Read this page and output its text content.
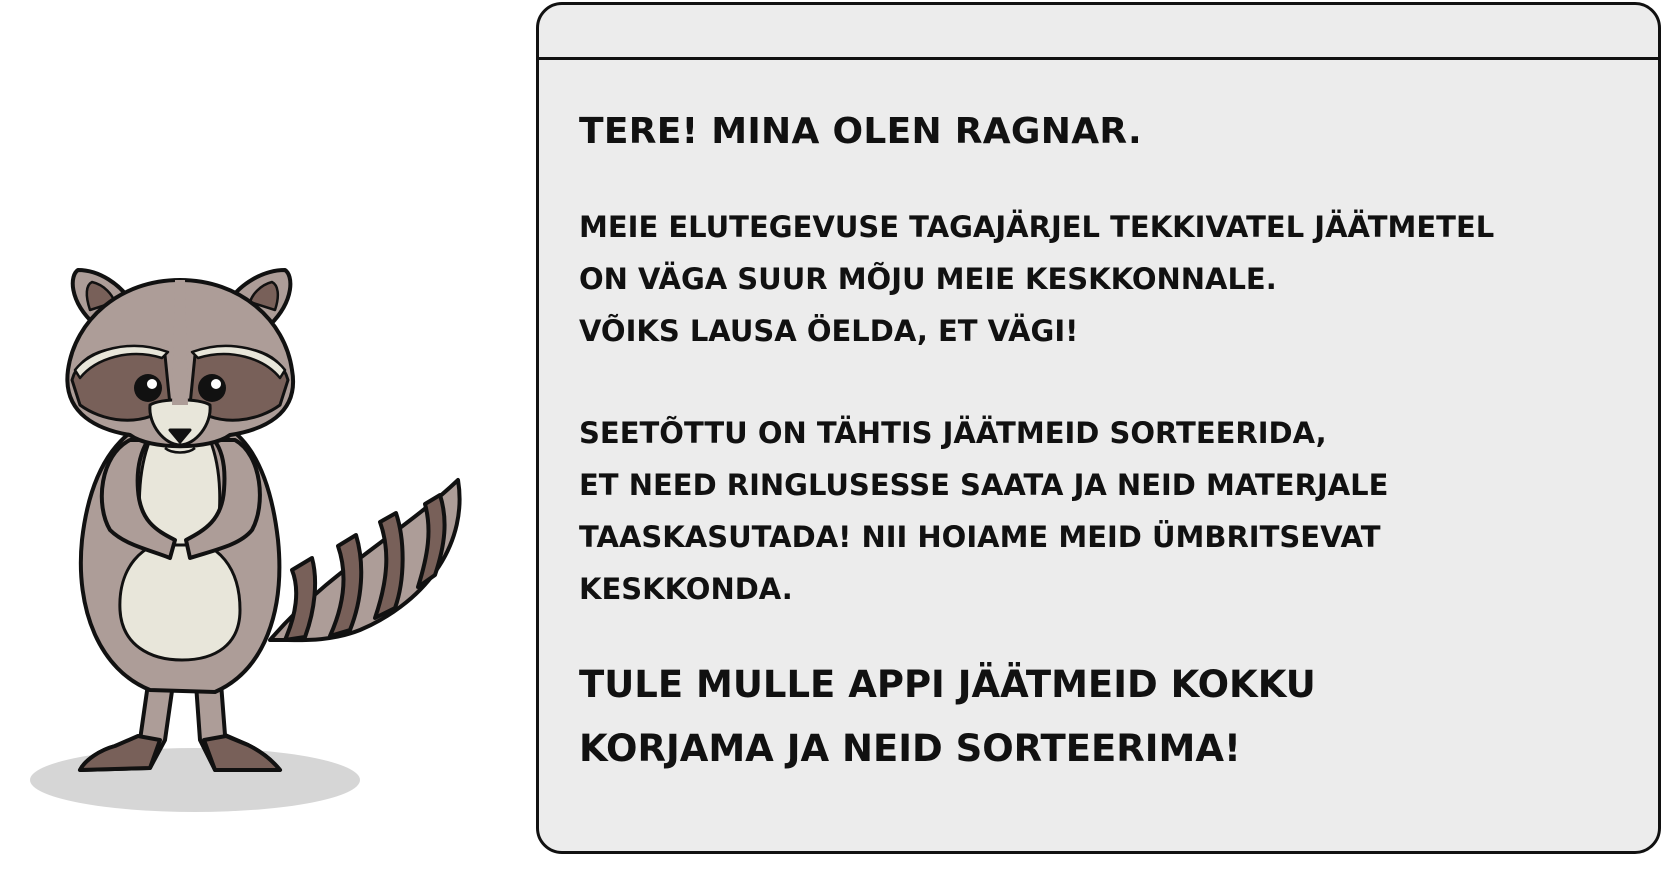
TERE! MINA OLEN RAGNAR.

MEIE ELUTEGEVUSE TAGAJÄRJEL TEKKIVATEL JÄÄTMETEL
ON VÄGA SUUR MÕJU MEIE KESKKONNALE.
VÕIKS LAUSA ÖELDA, ET VÄGI!

SEETÕTTU ON TÄHTIS JÄÄTMEID SORTEERIDA,
ET NEED RINGLUSESSE SAATA JA NEID MATERJALE
TAASKASUTADA! NII HOIAME MEID ÜMBRITSEVAT
KESKKONDA.

TULE MULLE APPI JÄÄTMEID KOKKU
KORJAMA JA NEID SORTEERIMA!
